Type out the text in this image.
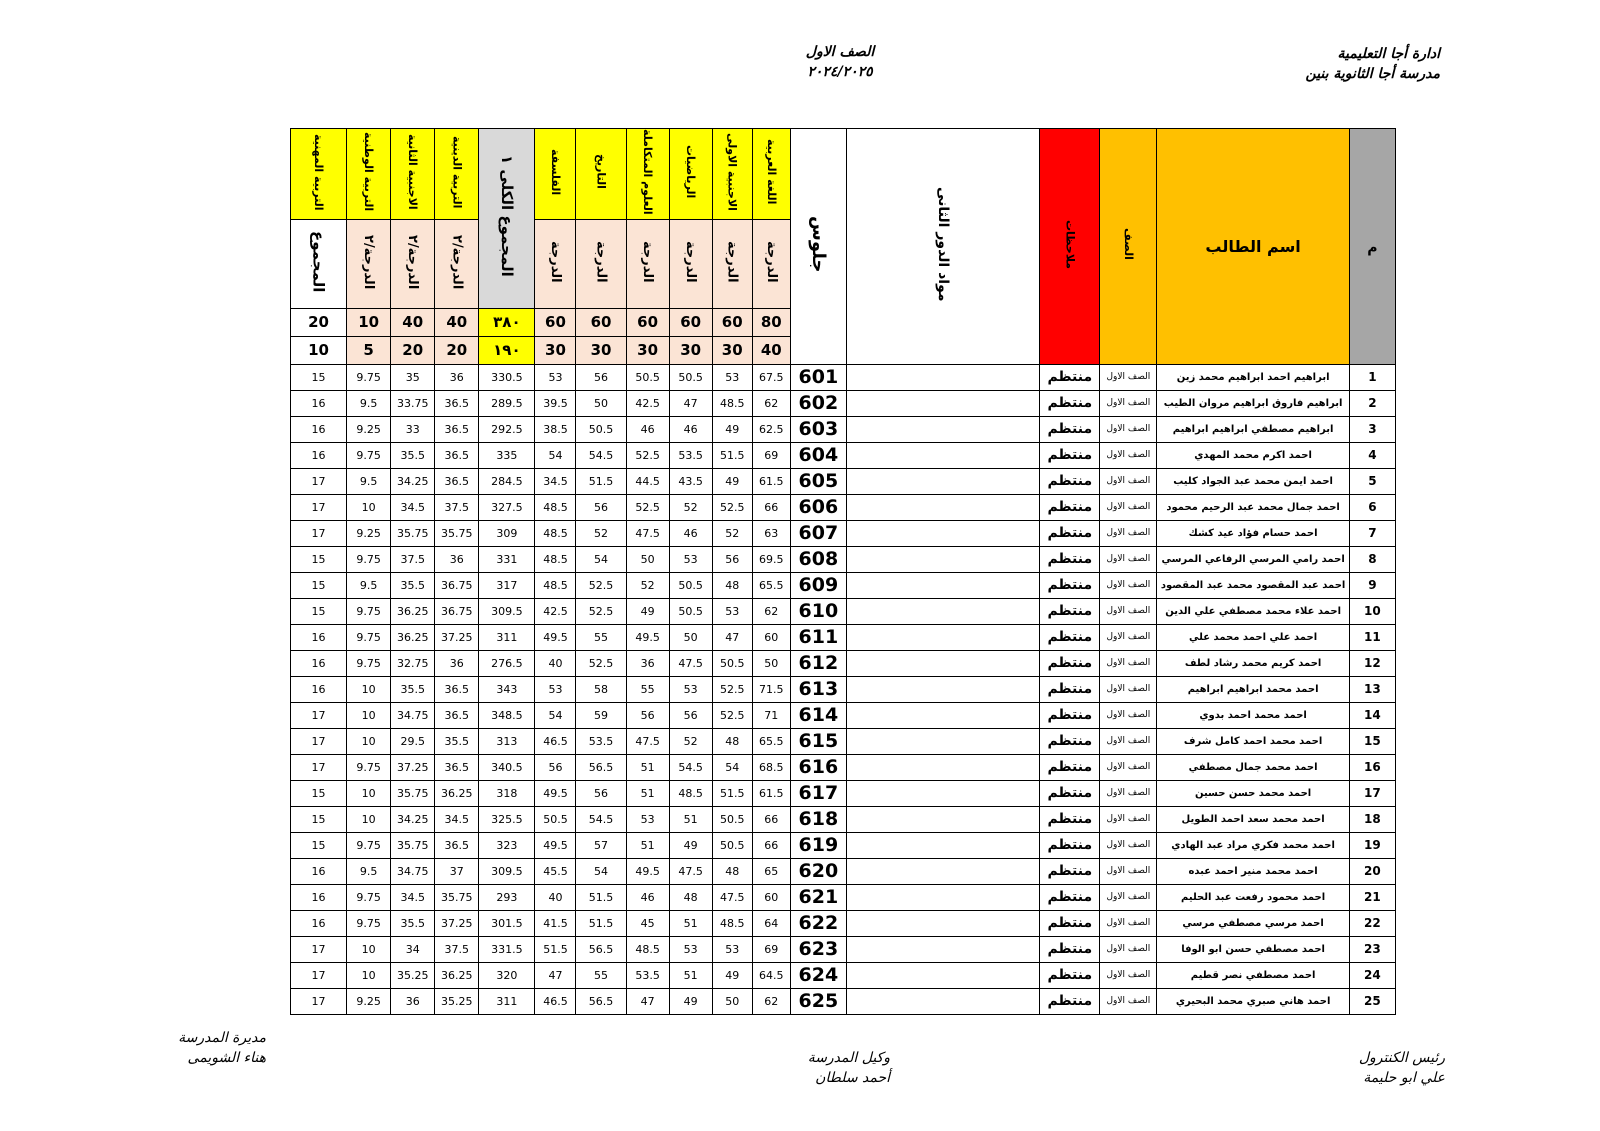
ادارة أجا التعليمية
مدرسة أجا الثانوية بنين
الصف الاول
٢٠٢٤/٢٠٢٥
التربية المهنية	التربية الوطنية	الاجنبية الثانية	التربية الدينية	المجموع الكلى ١	الفلسفة	التاريخ	العلوم المتكاملة	الرياضيات	الاجنبية الاولى	اللغة العربية	جلوس	مواد الدور الثانى	ملاحظات	الصف	اسم الطالب	م
المجموع	الدرجة/٢	الدرجة/٢	الدرجة/٢		الدرجة	الدرجة	الدرجة	الدرجة	الدرجة	الدرجة						
20	10	40	40	٣٨٠	60	60	60	60	60	80						
10	5	20	20	١٩٠	30	30	30	30	30	40						
15	9.75	35	36	330.5	53	56	50.5	50.5	53	67.5	601		منتظم	الصف الاول	ابراهيم احمد ابراهيم محمد زين	1
16	9.5	33.75	36.5	289.5	39.5	50	42.5	47	48.5	62	602		منتظم	الصف الاول	ابراهيم فاروق ابراهيم مروان الطيب	2
16	9.25	33	36.5	292.5	38.5	50.5	46	46	49	62.5	603		منتظم	الصف الاول	ابراهيم مصطفي ابراهيم ابراهيم	3
16	9.75	35.5	36.5	335	54	54.5	52.5	53.5	51.5	69	604		منتظم	الصف الاول	احمد اكرم محمد المهدي	4
17	9.5	34.25	36.5	284.5	34.5	51.5	44.5	43.5	49	61.5	605		منتظم	الصف الاول	احمد ايمن محمد عبد الجواد كليب	5
17	10	34.5	37.5	327.5	48.5	56	52.5	52	52.5	66	606		منتظم	الصف الاول	احمد جمال محمد عبد الرحيم محمود	6
17	9.25	35.75	35.75	309	48.5	52	47.5	46	52	63	607		منتظم	الصف الاول	احمد حسام فؤاد عيد كشك	7
15	9.75	37.5	36	331	48.5	54	50	53	56	69.5	608		منتظم	الصف الاول	احمد رامي المرسي الرفاعي المرسي	8
15	9.5	35.5	36.75	317	48.5	52.5	52	50.5	48	65.5	609		منتظم	الصف الاول	احمد عبد المقصود محمد عبد المقصود	9
15	9.75	36.25	36.75	309.5	42.5	52.5	49	50.5	53	62	610		منتظم	الصف الاول	احمد علاء محمد مصطفي علي الدين	10
16	9.75	36.25	37.25	311	49.5	55	49.5	50	47	60	611		منتظم	الصف الاول	احمد علي احمد محمد علي	11
16	9.75	32.75	36	276.5	40	52.5	36	47.5	50.5	50	612		منتظم	الصف الاول	احمد كريم محمد رشاد لطف	12
16	10	35.5	36.5	343	53	58	55	53	52.5	71.5	613		منتظم	الصف الاول	احمد محمد ابراهيم ابراهيم	13
17	10	34.75	36.5	348.5	54	59	56	56	52.5	71	614		منتظم	الصف الاول	احمد محمد احمد بدوي	14
17	10	29.5	35.5	313	46.5	53.5	47.5	52	48	65.5	615		منتظم	الصف الاول	احمد محمد احمد كامل شرف	15
17	9.75	37.25	36.5	340.5	56	56.5	51	54.5	54	68.5	616		منتظم	الصف الاول	احمد محمد جمال مصطفي	16
15	10	35.75	36.25	318	49.5	56	51	48.5	51.5	61.5	617		منتظم	الصف الاول	احمد محمد حسن حسين	17
15	10	34.25	34.5	325.5	50.5	54.5	53	51	50.5	66	618		منتظم	الصف الاول	احمد محمد سعد احمد الطويل	18
15	9.75	35.75	36.5	323	49.5	57	51	49	50.5	66	619		منتظم	الصف الاول	احمد محمد فكري مراد عبد الهادي	19
16	9.5	34.75	37	309.5	45.5	54	49.5	47.5	48	65	620		منتظم	الصف الاول	احمد محمد منير احمد عبده	20
16	9.75	34.5	35.75	293	40	51.5	46	48	47.5	60	621		منتظم	الصف الاول	احمد محمود رفعت عبد الحليم	21
16	9.75	35.5	37.25	301.5	41.5	51.5	45	51	48.5	64	622		منتظم	الصف الاول	احمد مرسي مصطفي مرسي	22
17	10	34	37.5	331.5	51.5	56.5	48.5	53	53	69	623		منتظم	الصف الاول	احمد مصطفي حسن ابو الوفا	23
17	10	35.25	36.25	320	47	55	53.5	51	49	64.5	624		منتظم	الصف الاول	احمد مصطفي نصر قطيم	24
17	9.25	36	35.25	311	46.5	56.5	47	49	50	62	625		منتظم	الصف الاول	احمد هاني صبري محمد البحيري	25
مديرة المدرسة
هناء الشويمى	وكيل المدرسة
أحمد سلطان
رئيس الكنترول
علي ابو حليمة
